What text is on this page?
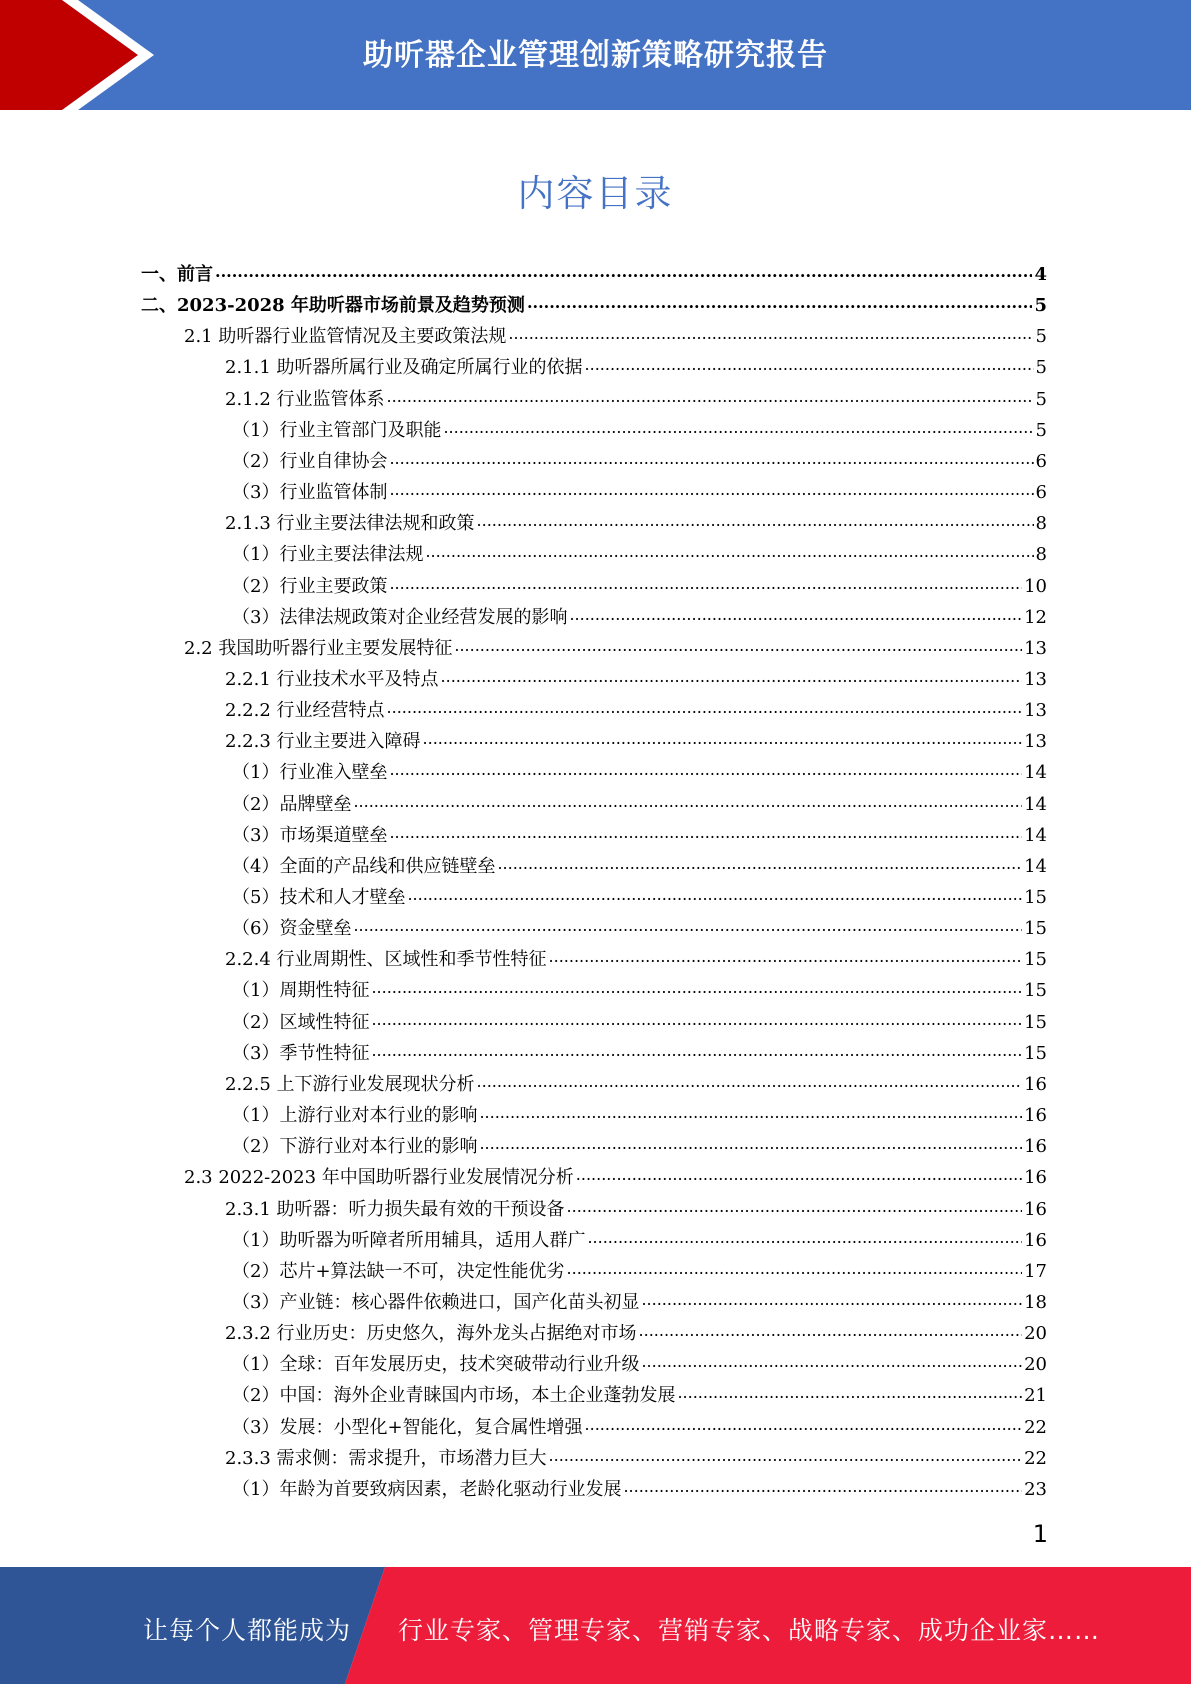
助听器企业管理创新策略研究报告
内容目录
一、前言 .....	4
二、2023-2028 年助听器市场前景及趋势预测 .....	5
2.1 助听器行业监管情况及主要政策法规 .....	5
2.1.1 助听器所属行业及确定所属行业的依据 .....	5
2.1.2 行业监管体系 .....	5
（1）行业主管部门及职能 .....	5
（2）行业自律协会 .....	6
（3）行业监管体制 .....	6
2.1.3 行业主要法律法规和政策 .....	8
（1）行业主要法律法规 .....	8
（2）行业主要政策 .....	10
（3）法律法规政策对企业经营发展的影响 .....	12
2.2 我国助听器行业主要发展特征 .....	13
2.2.1 行业技术水平及特点 .....	13
2.2.2 行业经营特点 .....	13
2.2.3 行业主要进入障碍 .....	13
（1）行业准入壁垒 .....	14
（2）品牌壁垒 .....	14
（3）市场渠道壁垒 .....	14
（4）全面的产品线和供应链壁垒 .....	14
（5）技术和人才壁垒 .....	15
（6）资金壁垒 .....	15
2.2.4 行业周期性、区域性和季节性特征 .....	15
（1）周期性特征 .....	15
（2）区域性特征 .....	15
（3）季节性特征 .....	15
2.2.5 上下游行业发展现状分析 .....	16
（1）上游行业对本行业的影响 .....	16
（2）下游行业对本行业的影响 .....	16
2.3 2022-2023 年中国助听器行业发展情况分析 .....	16
2.3.1 助听器：听力损失最有效的干预设备 .....	16
（1）助听器为听障者所用辅具，适用人群广 .....	16
（2）芯片+算法缺一不可，决定性能优劣 .....	17
（3）产业链：核心器件依赖进口，国产化苗头初显 .....	18
2.3.2 行业历史：历史悠久，海外龙头占据绝对市场 .....	20
（1）全球：百年发展历史，技术突破带动行业升级 .....	20
（2）中国：海外企业青睐国内市场，本土企业蓬勃发展 .....	21
（3）发展：小型化+智能化，复合属性增强 .....	22
2.3.3 需求侧：需求提升，市场潜力巨大 .....	22
（1）年龄为首要致病因素，老龄化驱动行业发展 .....	23
1
让每个人都能成为 行业专家、管理专家、营销专家、战略专家、成功企业家……
